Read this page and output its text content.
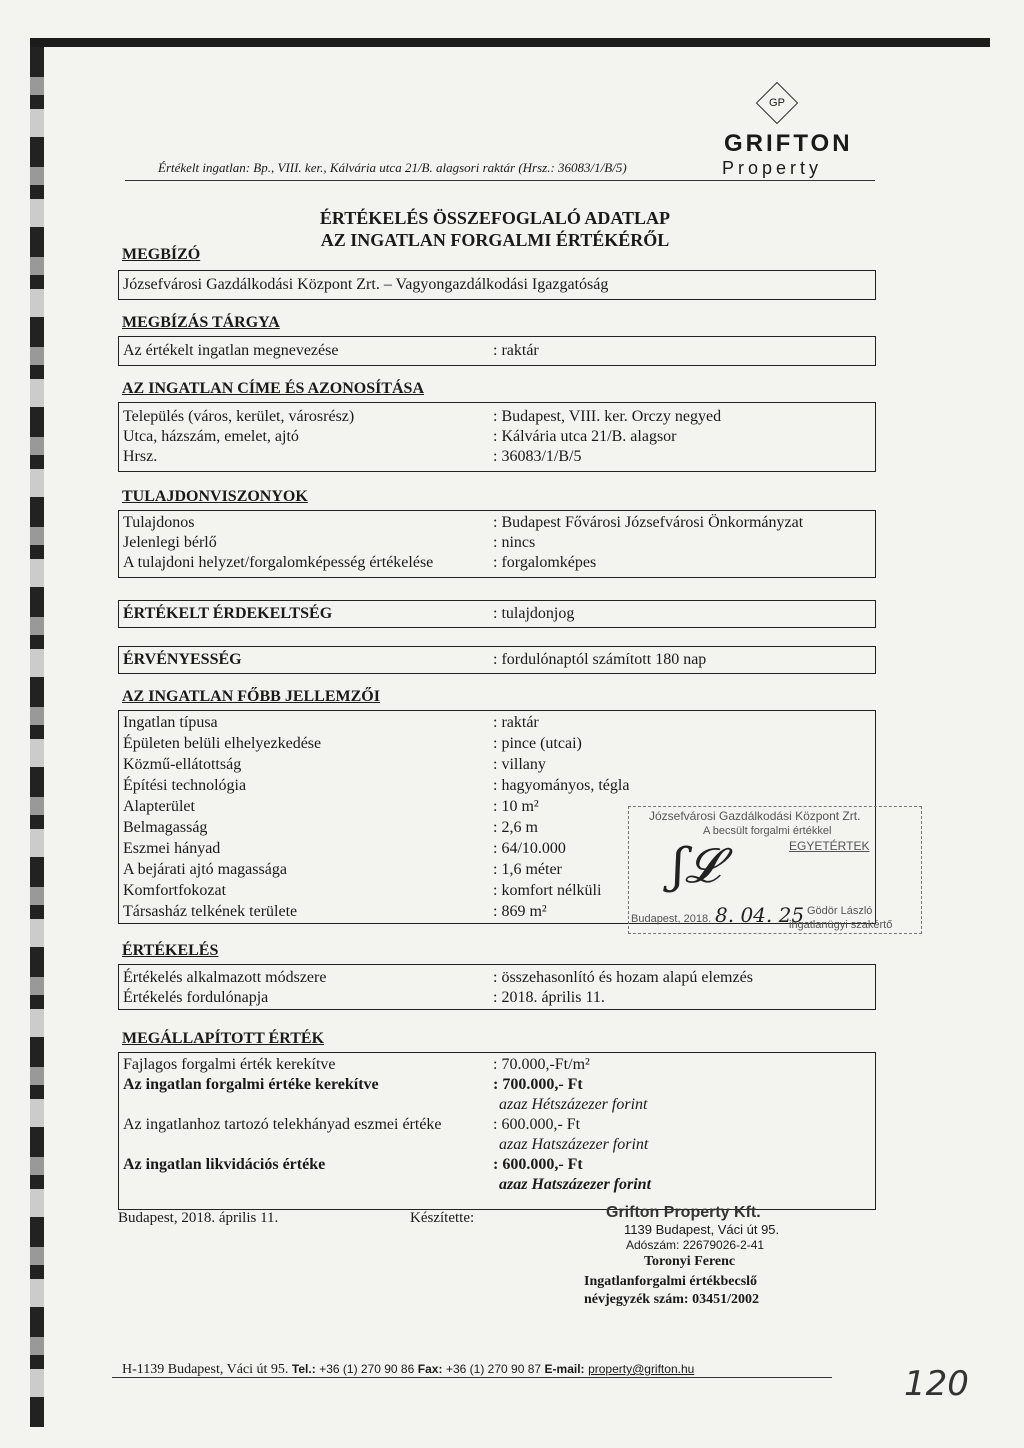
Értékelt ingatlan: Bp., VIII. ker., Kálvária utca 21/B. alagsori raktár (Hrsz.: 36083/1/B/5)
GP
GRIFTON
Property
ÉRTÉKELÉS ÖSSZEFOGLALÓ ADATLAP
AZ INGATLAN FORGALMI ÉRTÉKÉRŐL
MEGBÍZÓ
Józsefvárosi Gazdálkodási Központ Zrt. – Vagyongazdálkodási Igazgatóság
MEGBÍZÁS TÁRGYA
Az értékelt ingatlan megnevezése	: raktár
AZ INGATLAN CÍME ÉS AZONOSÍTÁSA
Település (város, kerület, városrész)	: Budapest, VIII. ker. Orczy negyed
Utca, házszám, emelet, ajtó	: Kálvária utca 21/B. alagsor
Hrsz.	: 36083/1/B/5
TULAJDONVISZONYOK
Tulajdonos	: Budapest Fővárosi Józsefvárosi Önkormányzat
Jelenlegi bérlő	: nincs
A tulajdoni helyzet/forgalomképesség értékelése	: forgalomképes
ÉRTÉKELT ÉRDEKELTSÉG	: tulajdonjog
ÉRVÉNYESSÉG	: fordulónaptól számított 180 nap
AZ INGATLAN FŐBB JELLEMZŐI
Ingatlan típusa	: raktár
Épületen belüli elhelyezkedése	: pince (utcai)
Közmű-ellátottság	: villany
Építési technológia	: hagyományos, tégla
Alapterület	: 10 m²
Belmagasság	: 2,6 m
Eszmei hányad	: 64/10.000
A bejárati ajtó magassága	: 1,6 méter
Komfortfokozat	: komfort nélküli
Társasház telkének területe	: 869 m²
Józsefvárosi Gazdálkodási Központ Zrt.
A becsült forgalmi értékkel
EGYETÉRTEK
Budapest, 2018. 8. 04. 25 Gödör László
ingatlanügyi szakértő
ʃ𝓛
ÉRTÉKELÉS
Értékelés alkalmazott módszere	: összehasonlító és hozam alapú elemzés
Értékelés fordulónapja	: 2018. április 11.
MEGÁLLAPÍTOTT ÉRTÉK
Fajlagos forgalmi érték kerekítve	: 70.000,-Ft/m²
Az ingatlan forgalmi értéke kerekítve	: 700.000,- Ft
azaz Hétszázezer forint
Az ingatlanhoz tartozó telekhányad eszmei értéke	: 600.000,- Ft
azaz Hatszázezer forint
Az ingatlan likvidációs értéke	: 600.000,- Ft
azaz Hatszázezer forint
Budapest, 2018. április 11.	Készítette:	Grifton Property Kft.
1139 Budapest, Váci út 95.
Adószám: 22679026-2-41
Toronyi Ferenc
Ingatlanforgalmi értékbecslő
névjegyzék szám: 03451/2002
H-1139 Budapest, Váci út 95. Tel.: +36 (1) 270 90 86 Fax: +36 (1) 270 90 87 E-mail: property@grifton.hu	120
